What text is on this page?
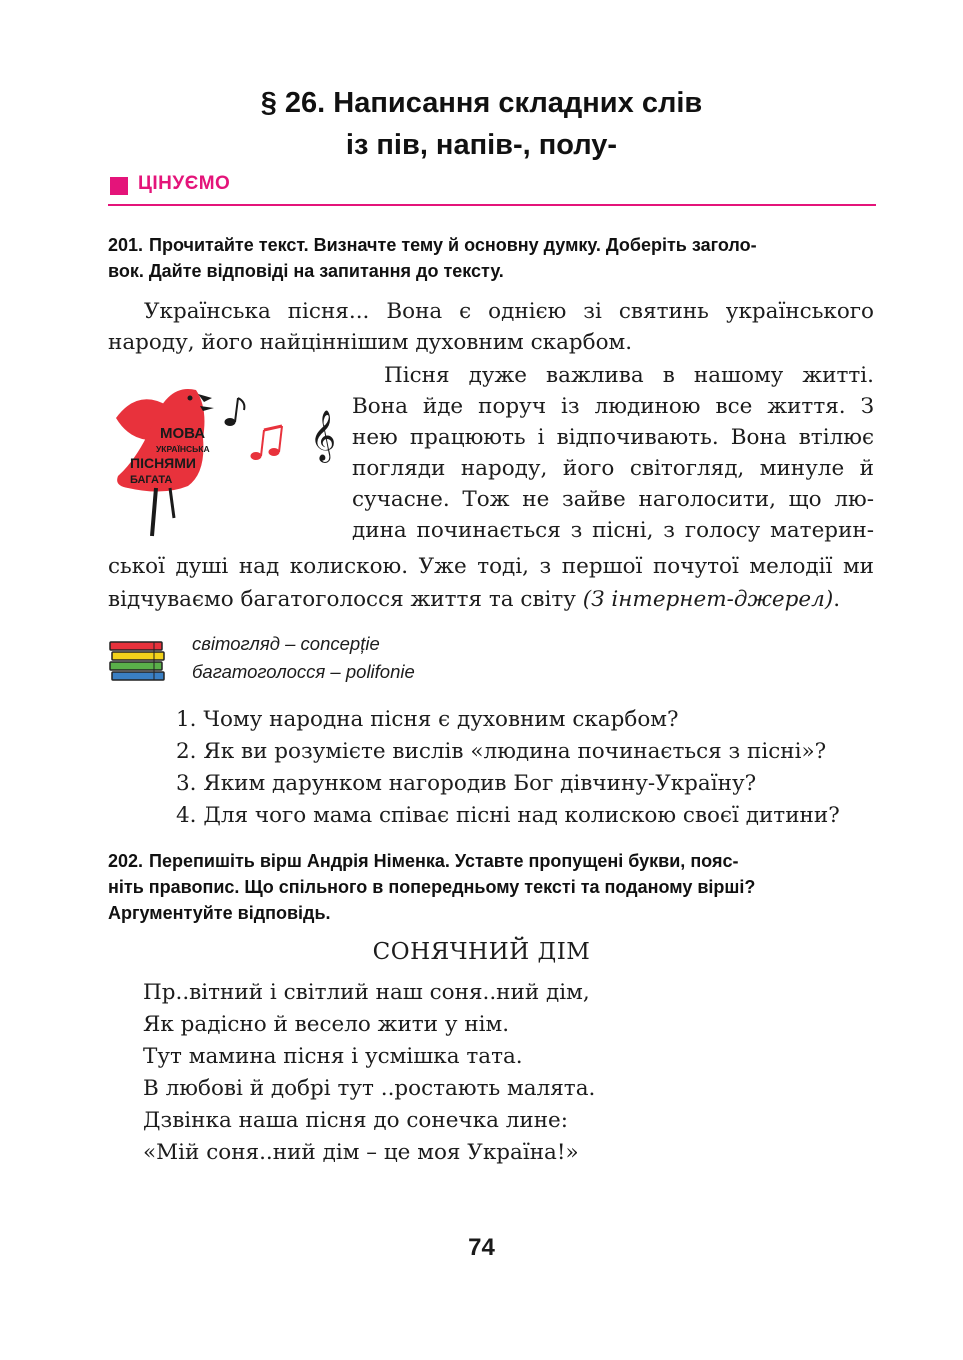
§ 26. Написання складних слів
із пів, напів-, полу-
ЦІНУЄМО
201. Прочитайте текст. Визначте тему й основну думку. Доберіть заголо-
вок. Дайте відповіді на запитання до тексту.
Українська пісня... Вона є однією зі святинь українського
народу, його найціннішим духовним скарбом.
Пісня дуже важлива в нашому житті.
Вона йде поруч із людиною все життя. З
нею працюють і відпочивають. Вона втілює
погляди народу, його світогляд, минуле й
сучасне. Тож не зайве наголосити, що лю-
дина починається з пісні, з голосу материн-
ської душі над колискою. Уже тоді, з першої почутої мелодії ми
відчуваємо багатоголосся життя та світу (З інтернет-джерел).
МОВА
УКРАЇНСЬКА
ПІСНЯМИ
БАГАТА
𝄞
світогляд – concepție
багатоголосся – polifonie
1. Чому народна пісня є духовним скарбом?
2. Як ви розумієте вислів «людина починається з пісні»?
3. Яким дарунком нагородив Бог дівчину-Україну?
4. Для чого мама співає пісні над колискою своєї дитини?
202. Перепишіть вірш Андрія Німенка. Уставте пропущені букви, пояс-
ніть правопис. Що спільного в попередньому тексті та поданому вірші?
Аргументуйте відповідь.
СОНЯЧНИЙ ДІМ
Пр..вітний і світлий наш соня..ний дім,
Як радісно й весело жити у нім.
Тут мамина пісня і усмішка тата.
В любові й добрі тут ..ростають малята.
Дзвінка наша пісня до сонечка лине:
«Мій соня..ний дім – це моя Україна!»
74
